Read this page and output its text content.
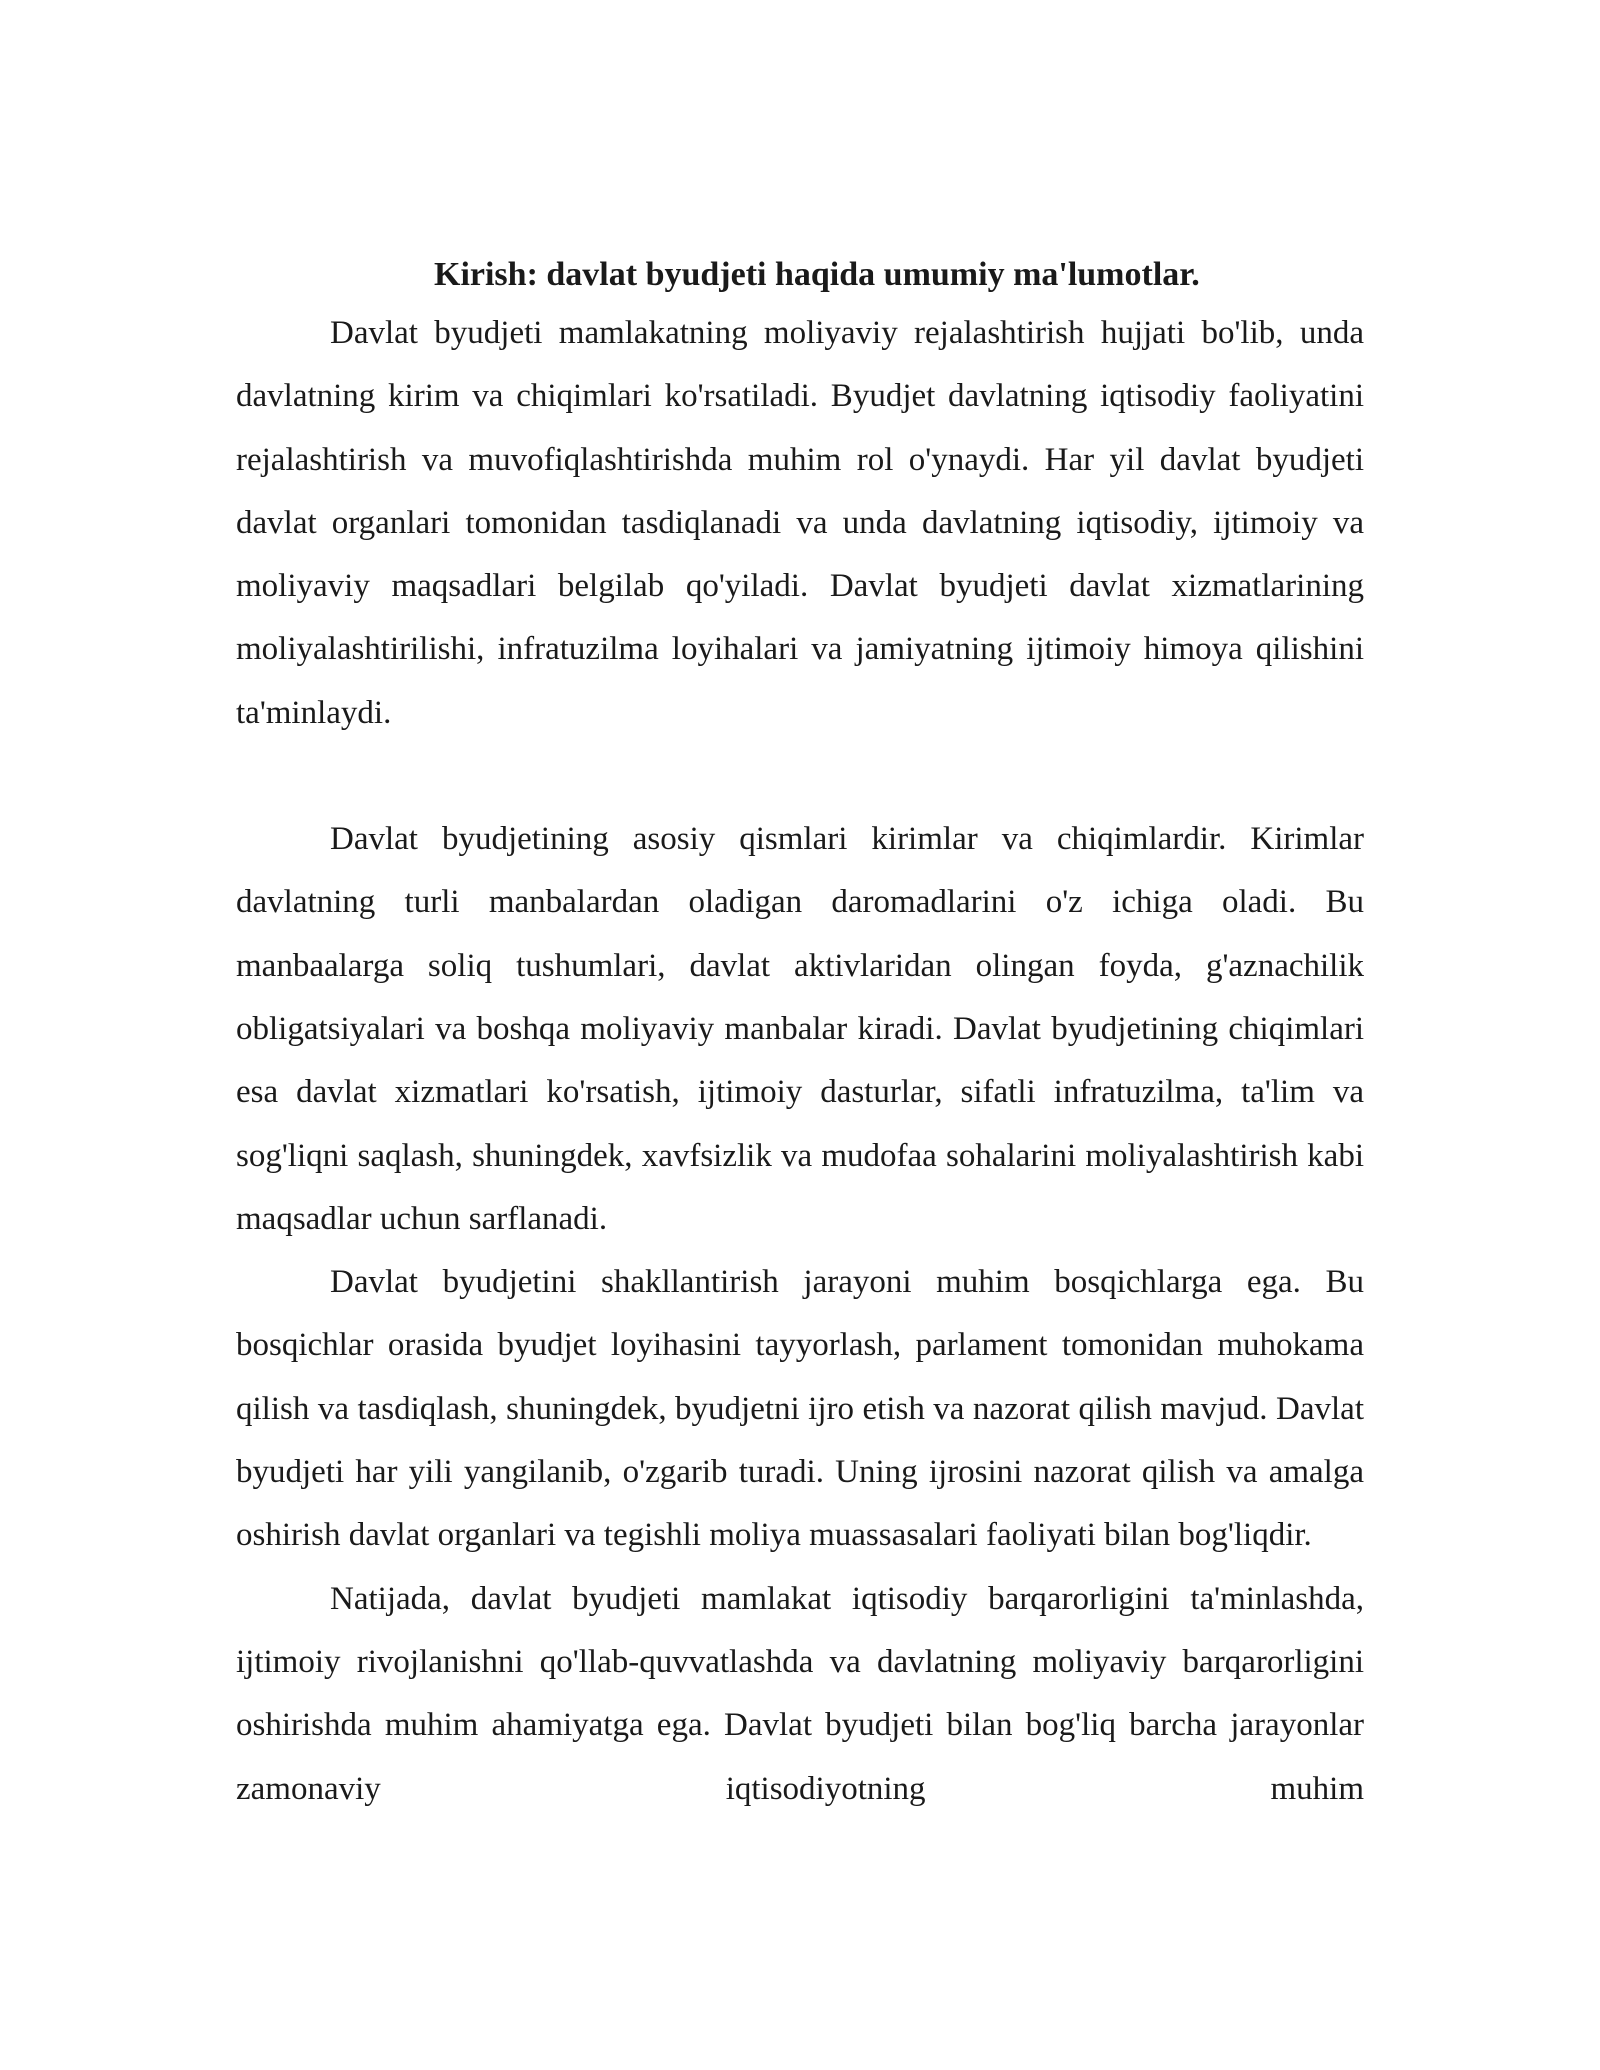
Kirish: davlat byudjeti haqida umumiy ma'lumotlar.

Davlat byudjeti mamlakatning moliyaviy rejalashtirish hujjati bo'lib, unda davlatning kirim va chiqimlari ko'rsatiladi. Byudjet davlatning iqtisodiy faoliyatini rejalashtirish va muvofiqlashtirishda muhim rol o'ynaydi. Har yil davlat byudjeti davlat organlari tomonidan tasdiqlanadi va unda davlatning iqtisodiy, ijtimoiy va moliyaviy maqsadlari belgilab qo'yiladi. Davlat byudjeti davlat xizmatlarining moliyalashtirilishi, infratuzilma loyihalari va jamiyatning ijtimoiy himoya qilishini ta'minlaydi.

Davlat byudjetining asosiy qismlari kirimlar va chiqimlardir. Kirimlar davlatning turli manbalardan oladigan daromadlarini o'z ichiga oladi. Bu manbaalarga soliq tushumlari, davlat aktivlaridan olingan foyda, g'aznachilik obligatsiyalari va boshqa moliyaviy manbalar kiradi. Davlat byudjetining chiqimlari esa davlat xizmatlari ko'rsatish, ijtimoiy dasturlar, sifatli infratuzilma, ta'lim va sog'liqni saqlash, shuningdek, xavfsizlik va mudofaa sohalarini moliyalashtirish kabi maqsadlar uchun sarflanadi.

Davlat byudjetini shakllantirish jarayoni muhim bosqichlarga ega. Bu bosqichlar orasida byudjet loyihasini tayyorlash, parlament tomonidan muhokama qilish va tasdiqlash, shuningdek, byudjetni ijro etish va nazorat qilish mavjud. Davlat byudjeti har yili yangilanib, o'zgarib turadi. Uning ijrosini nazorat qilish va amalga oshirish davlat organlari va tegishli moliya muassasalari faoliyati bilan bog'liqdir.

Natijada, davlat byudjeti mamlakat iqtisodiy barqarorligini ta'minlashda, ijtimoiy rivojlanishni qo'llab-quvvatlashda va davlatning moliyaviy barqarorligini oshirishda muhim ahamiyatga ega. Davlat byudjeti bilan bog'liq barcha jarayonlar zamonaviy iqtisodiyotning muhim
